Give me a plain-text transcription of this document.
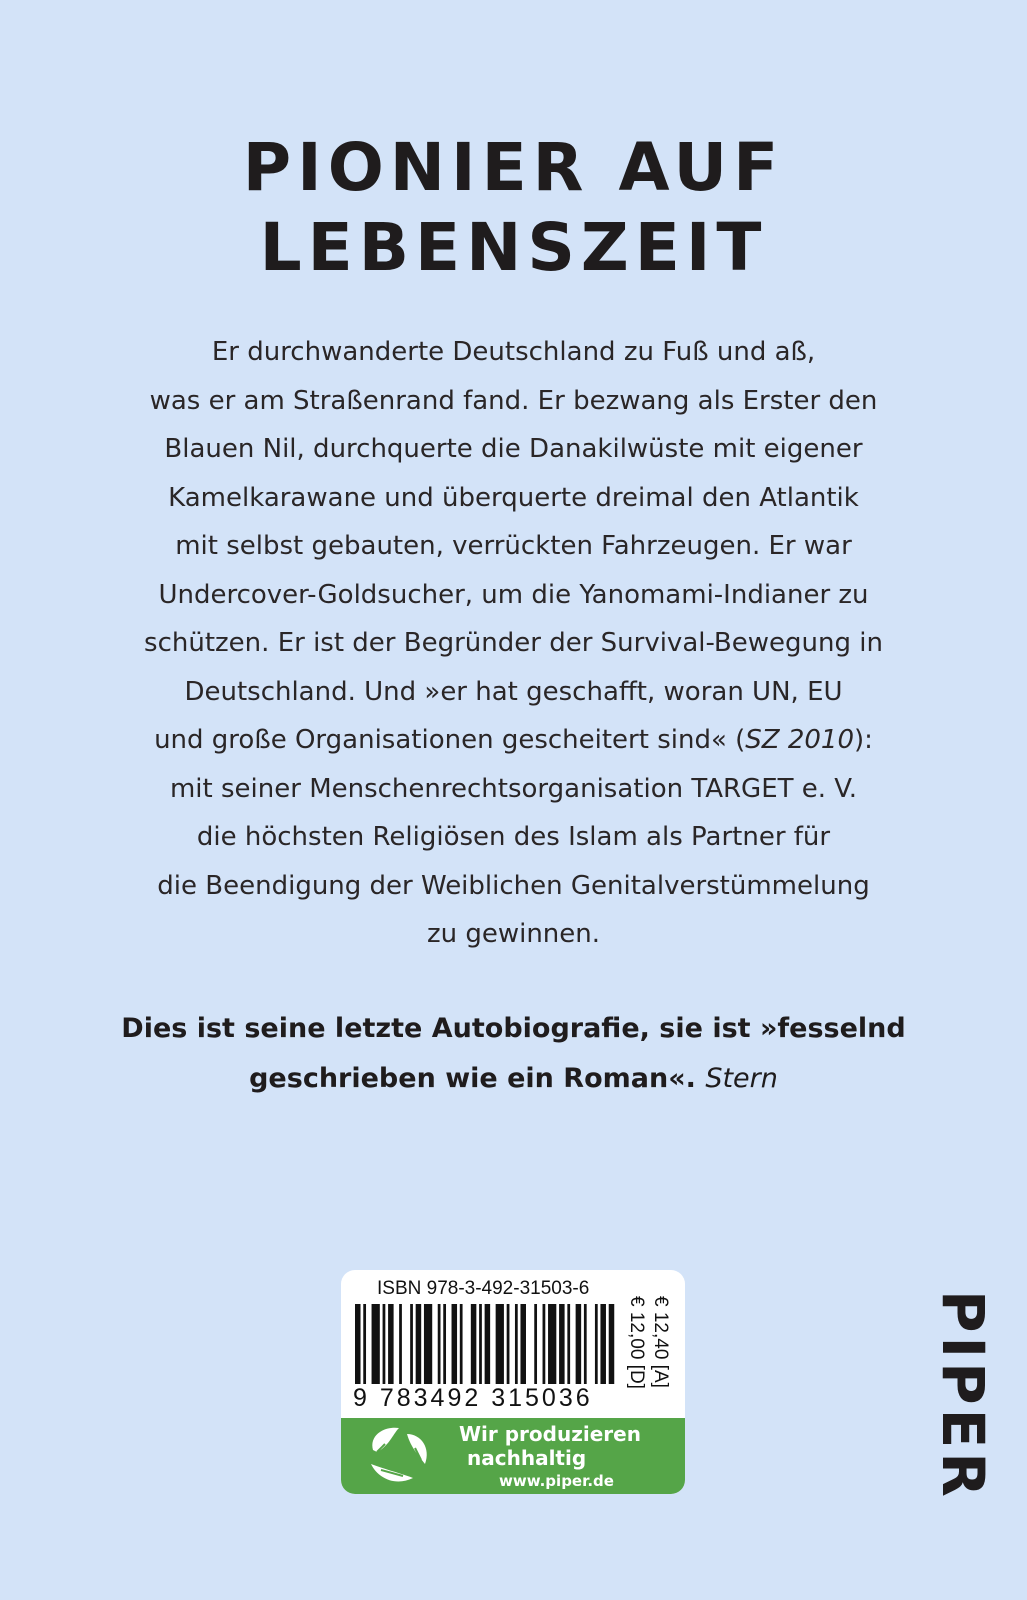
PIONIER AUF
LEBENSZEIT

Er durchwanderte Deutschland zu Fuß und aß,
was er am Straßenrand fand. Er bezwang als Erster den
Blauen Nil, durchquerte die Danakilwüste mit eigener
Kamelkarawane und überquerte dreimal den Atlantik
mit selbst gebauten, verrückten Fahrzeugen. Er war
Undercover-Goldsucher, um die Yanomami-Indianer zu
schützen. Er ist der Begründer der Survival-Bewegung in
Deutschland. Und »er hat geschafft, woran UN, EU
und große Organisationen gescheitert sind« (SZ 2010):
mit seiner Menschenrechtsorganisation TARGET e. V.
die höchsten Religiösen des Islam als Partner für
die Beendigung der Weiblichen Genitalverstümmelung
zu gewinnen.

Dies ist seine letzte Autobiografie, sie ist »fesselnd
geschrieben wie ein Roman«. Stern

ISBN 978-3-492-31503-6
9 783492 315036
€ 12,00 [D] € 12,40 [A]
Wir produzieren
nachhaltig
www.piper.de	PIPER
